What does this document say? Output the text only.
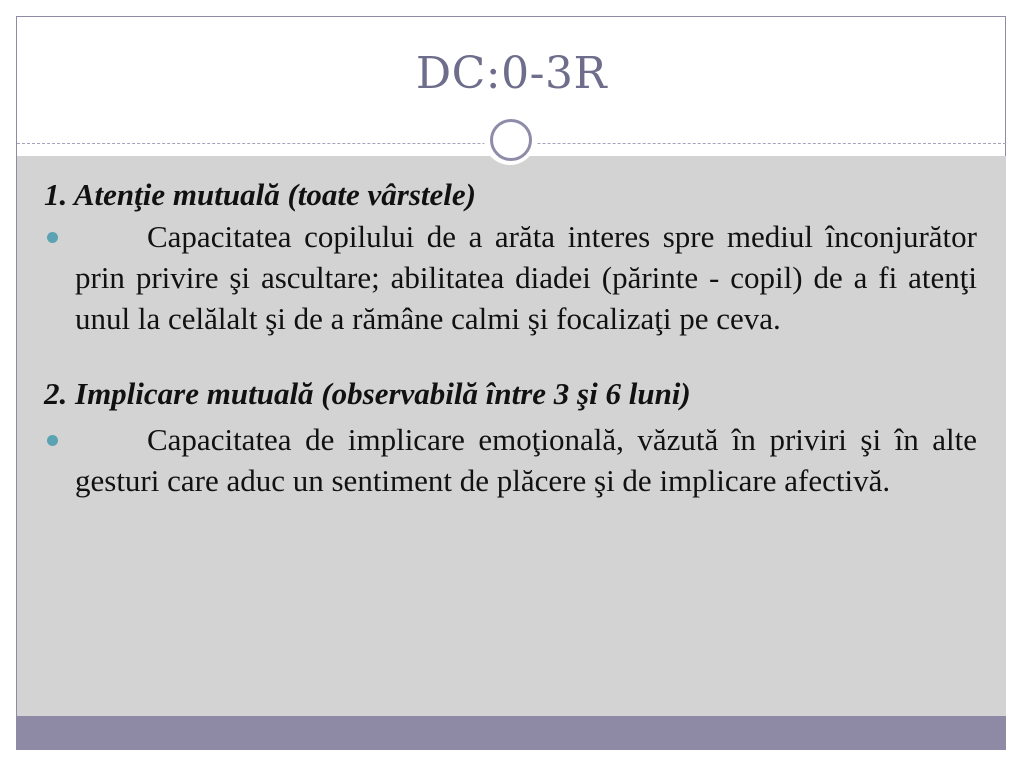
DC:0-3R

1. Atenţie mutuală (toate vârstele)

Capacitatea copilului de a arăta interes spre mediul înconjurător prin privire şi ascultare; abilitatea diadei (părinte - copil) de a fi atenţi unul la celălalt şi de a rămâne calmi şi focalizaţi pe ceva.

2. Implicare mutuală (observabilă între 3 şi 6 luni)

Capacitatea de implicare emoţională, văzută în priviri şi în alte gesturi care aduc un sentiment de plăcere şi de implicare afectivă.
